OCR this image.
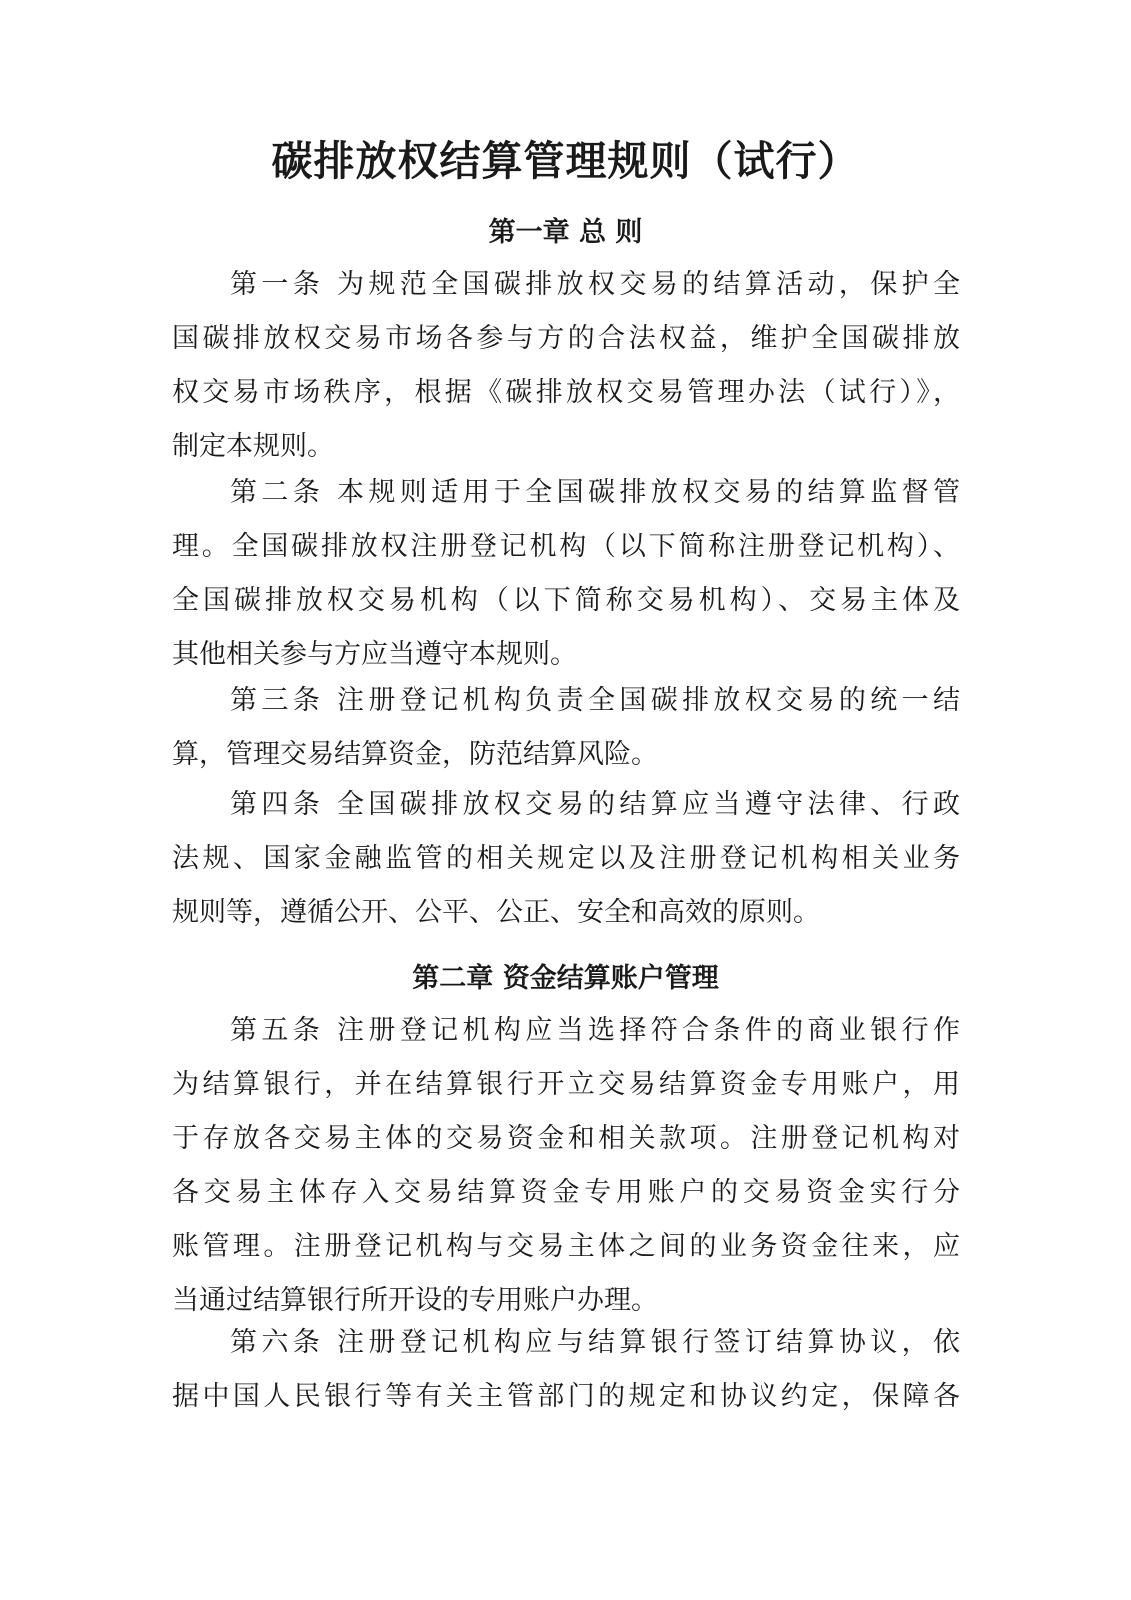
碳排放权结算管理规则（试行）
第一章 总 则
第一条 为规范全国碳排放权交易的结算活动，保护全
国碳排放权交易市场各参与方的合法权益，维护全国碳排放
权交易市场秩序，根据《碳排放权交易管理办法（试行）》，
制定本规则。
第二条 本规则适用于全国碳排放权交易的结算监督管
理。全国碳排放权注册登记机构（以下简称注册登记机构）、
全国碳排放权交易机构（以下简称交易机构）、交易主体及
其他相关参与方应当遵守本规则。
第三条 注册登记机构负责全国碳排放权交易的统一结
算，管理交易结算资金，防范结算风险。
第四条 全国碳排放权交易的结算应当遵守法律、行政
法规、国家金融监管的相关规定以及注册登记机构相关业务
规则等，遵循公开、公平、公正、安全和高效的原则。
第二章 资金结算账户管理
第五条 注册登记机构应当选择符合条件的商业银行作
为结算银行，并在结算银行开立交易结算资金专用账户，用
于存放各交易主体的交易资金和相关款项。注册登记机构对
各交易主体存入交易结算资金专用账户的交易资金实行分
账管理。注册登记机构与交易主体之间的业务资金往来，应
当通过结算银行所开设的专用账户办理。
第六条 注册登记机构应与结算银行签订结算协议，依
据中国人民银行等有关主管部门的规定和协议约定，保障各
